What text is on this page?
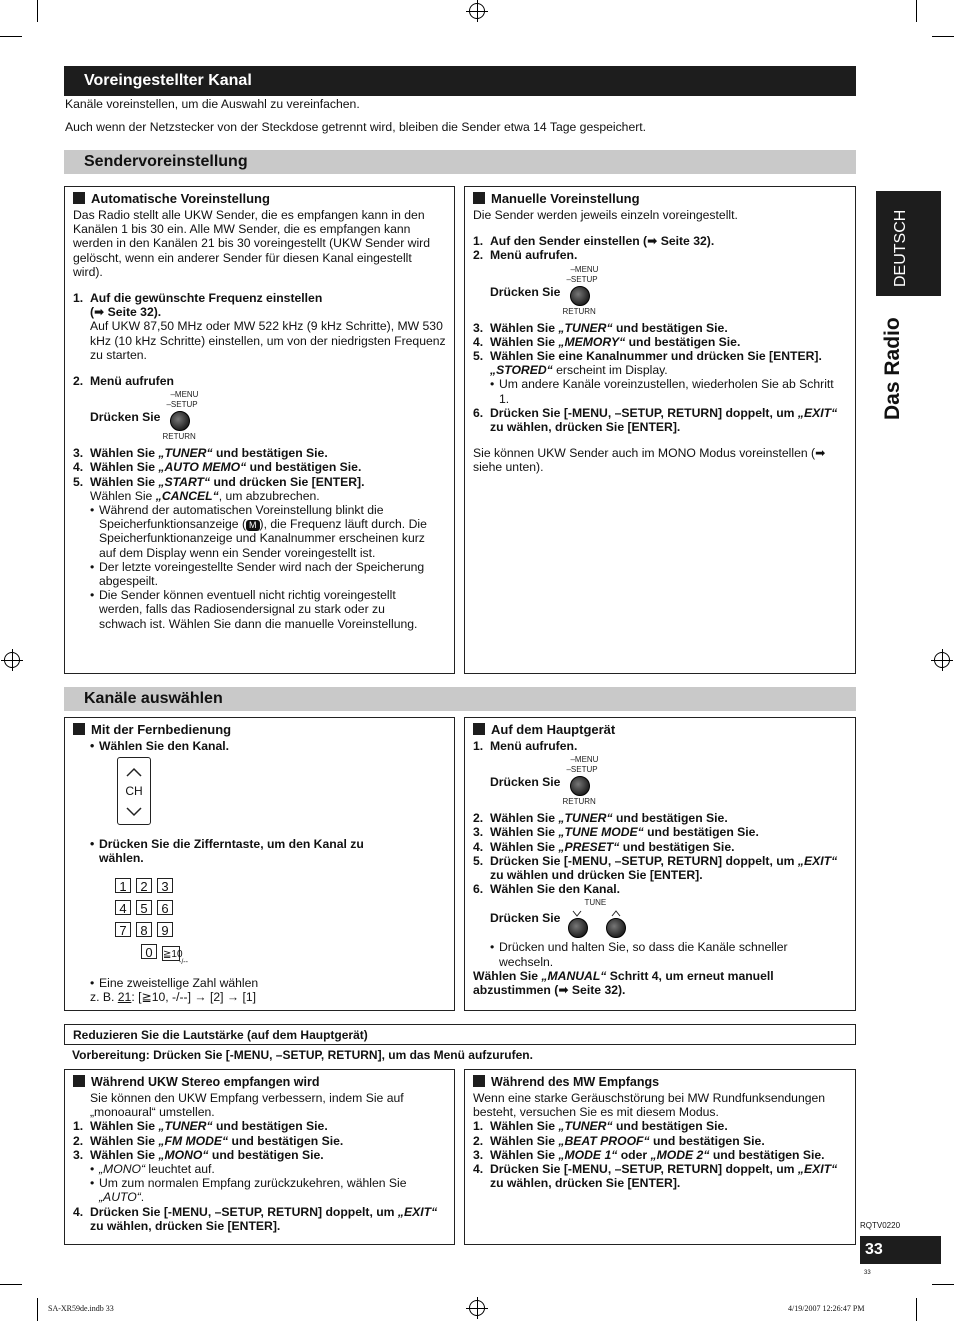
Voreingestellter Kanal
Kanäle voreinstellen, um die Auswahl zu vereinfachen.
Auch wenn der Netzstecker von der Steckdose getrennt wird, bleiben die Sender etwa 14 Tage gespeichert.
Sendervoreinstellung
Automatische Voreinstellung
Das Radio stellt alle UKW Sender, die es empfangen kann in den Kanälen 1 bis 30 ein. Alle MW Sender, die es empfangen kann werden in den Kanälen 21 bis 30 voreingestellt (UKW Sender wird gelöscht, wenn ein anderer Sender für diesen Kanal eingestellt wird).
1. Auf die gewünschte Frequenz einstellen
(➡ Seite 32).
Auf UKW 87,50 MHz oder MW 522 kHz (9 kHz Schritte), MW 530 kHz (10 kHz Schritte) einstellen, um von der niedrigsten Frequenz zu starten.
2. Menü aufrufen
Drücken Sie
–MENU
–SETUP
RETURN
3. Wählen Sie „TUNER“ und bestätigen Sie.
4. Wählen Sie „AUTO MEMO“ und bestätigen Sie.
5. Wählen Sie „START“ und drücken Sie [ENTER].
Wählen Sie „CANCEL“, um abzubrechen.
• Während der automatischen Voreinstellung blinkt die Speicherfunktionsanzeige ( M ), die Frequenz läuft durch. Die Speicherfunktionanzeige und Kanalnummer erscheinen kurz auf dem Display wenn ein Sender voreingestellt ist.
• Der letzte voreingestellte Sender wird nach der Speicherung abgespeilt.
• Die Sender können eventuell nicht richtig voreingestellt werden, falls das Radiosendersignal zu stark oder zu schwach ist. Wählen Sie dann die manuelle Voreinstellung.
Manuelle Voreinstellung
Die Sender werden jeweils einzeln voreingestellt.
1. Auf den Sender einstellen (➡ Seite 32).
2. Menü aufrufen.
Drücken Sie
–MENU
–SETUP
RETURN
3. Wählen Sie „TUNER“ und bestätigen Sie.
4. Wählen Sie „MEMORY“ und bestätigen Sie.
5. Wählen Sie eine Kanalnummer und drücken Sie [ENTER].
„STORED“ erscheint im Display.
• Um andere Kanäle voreinzustellen, wiederholen Sie ab Schritt 1.
6. Drücken Sie [-MENU, –SETUP, RETURN] doppelt, um „EXIT“ zu wählen, drücken Sie [ENTER].
Sie können UKW Sender auch im MONO Modus voreinstellen (➡ siehe unten).
Kanäle auswählen
Mit der Fernbedienung
• Wählen Sie den Kanal.
CH
• Drücken Sie die Zifferntaste, um den Kanal zu wählen.
1 2 3
4 5 6
7 8 9
0 ≧10
-/--
• Eine zweistellige Zahl wählen
z. B. 21: [≧10, -/--] → [2] → [1]
Auf dem Hauptgerät
1. Menü aufrufen.
Drücken Sie
–MENU
–SETUP
RETURN
2. Wählen Sie „TUNER“ und bestätigen Sie.
3. Wählen Sie „TUNE MODE“ und bestätigen Sie.
4. Wählen Sie „PRESET“ und bestätigen Sie.
5. Drücken Sie [-MENU, –SETUP, RETURN] doppelt, um „EXIT“ zu wählen und drücken Sie [ENTER].
6. Wählen Sie den Kanal.
Drücken Sie
TUNE
• Drücken und halten Sie, so dass die Kanäle schneller wechseln.
Wählen Sie „MANUAL“ Schritt 4, um erneut manuell abzustimmen (➡ Seite 32).
Reduzieren Sie die Lautstärke (auf dem Hauptgerät)
Vorbereitung: Drücken Sie [-MENU, –SETUP, RETURN], um das Menü aufzurufen.
Während UKW Stereo empfangen wird
Sie können den UKW Empfang verbessern, indem Sie auf „monoaural“ umstellen.
1. Wählen Sie „TUNER“ und bestätigen Sie.
2. Wählen Sie „FM MODE“ und bestätigen Sie.
3. Wählen Sie „MONO“ und bestätigen Sie.
• „MONO“ leuchtet auf.
• Um zum normalen Empfang zurückzukehren, wählen Sie „AUTO“.
4. Drücken Sie [-MENU, –SETUP, RETURN] doppelt, um „EXIT“ zu wählen, drücken Sie [ENTER].
Während des MW Empfangs
Wenn eine starke Geräuschstörung bei MW Rundfunksendungen besteht, versuchen Sie es mit diesem Modus.
1. Wählen Sie „TUNER“ und bestätigen Sie.
2. Wählen Sie „BEAT PROOF“ und bestätigen Sie.
3. Wählen Sie „MODE 1“ oder „MODE 2“ und bestätigen Sie.
4. Drücken Sie [-MENU, –SETUP, RETURN] doppelt, um „EXIT“ zu wählen, drücken Sie [ENTER].
DEUTSCH
Das Radio
RQTV0220
33
33
SA-XR59de.indb 33	4/19/2007 12:26:47 PM
